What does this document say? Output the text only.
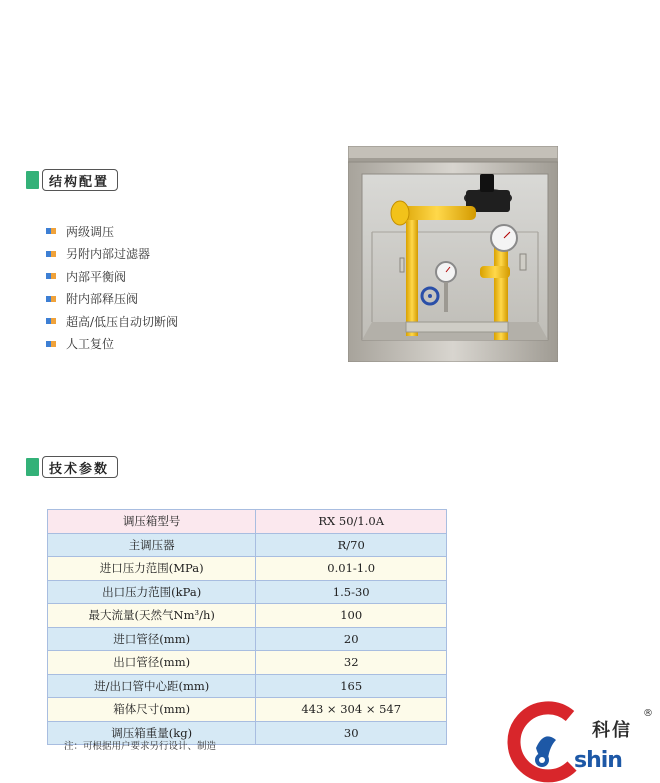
结构配置
两级调压
另附内部过滤器
内部平衡阀
附内部释压阀
超高/低压自动切断阀
人工复位
技术参数
调压箱型号	RX 50/1.0A
主调压器	R/70
进口压力范围(MPa)	0.01-1.0
出口压力范围(kPa)	1.5-30
最大流量(天然气Nm³/h)	100
进口管径(mm)	20
出口管径(mm)	32
进/出口管中心距(mm)	165
箱体尺寸(mm)	443 × 304 × 547
调压箱重量(kg)	30
注：可根据用户要求另行设计、制造
科信
®
shin
